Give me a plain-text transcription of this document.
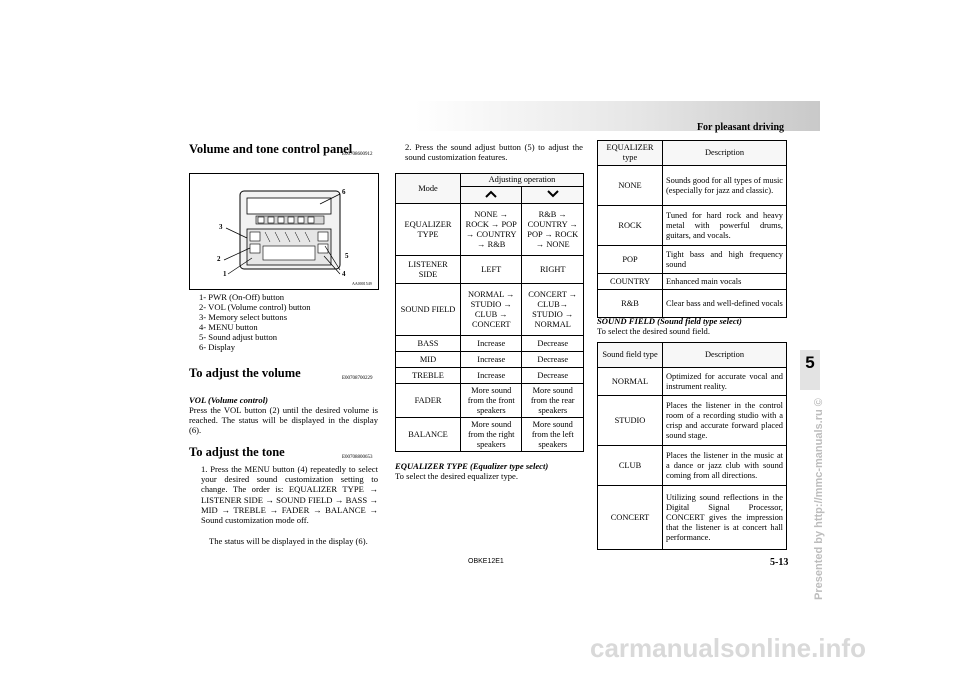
For pleasant driving
Volume and tone control panel
E00708600912
3
2
1	4
5
6
AA0001549
1- PWR (On-Off) button
2- VOL (Volume control) button
3- Memory select buttons
4- MENU button
5- Sound adjust button
6- Display
To adjust the volume	E00708700229
VOL (Volume control)
Press the VOL button (2) until the desired volume is reached. The status will be displayed in the display (6).
To adjust the tone	E00708800653
1. Press the MENU button (4) repeatedly to select your desired sound customization setting to change. The order is: EQUALIZER TYPE → LISTENER SIDE → SOUND FIELD → BASS → MID → TREBLE → FADER → BALANCE → Sound customization mode off.
The status will be displayed in the display (6).
2. Press the sound adjust button (5) to adjust the sound customization features.
Mode	Adjusting operation	

EQUALIZER TYPE	NONE → ROCK → POP → COUNTRY → R&B	R&B → COUNTRY → POP → ROCK → NONE
LISTENER SIDE	LEFT	RIGHT
SOUND FIELD	NORMAL → STUDIO → CLUB → CONCERT	CONCERT → CLUB→ STUDIO → NORMAL
BASS	Increase	Decrease
MID	Increase	Decrease
TREBLE	Increase	Decrease
FADER	More sound from the front speakers	More sound from the rear speakers
BALANCE	More sound from the right speakers	More sound from the left speakers
EQUALIZER TYPE (Equalizer type select)
To select the desired equalizer type.
EQUALIZER type	Description
NONE	Sounds good for all types of music (especially for jazz and classic).
ROCK	Tuned for hard rock and heavy metal with powerful drums, guitars, and vocals.
POP	Tight bass and high frequency sound
COUNTRY	Enhanced main vocals
R&B	Clear bass and well-defined vocals
SOUND FIELD (Sound field type select)
To select the desired sound field.
Sound field type	Description
NORMAL	Optimized for accurate vocal and instrument reality.
STUDIO	Places the listener in the control room of a recording studio with a crisp and accurate forward placed sound stage.
CLUB	Places the listener in the music at a dance or jazz club with sound coming from all directions.
CONCERT	Utilizing sound reflections in the Digital Signal Processor, CONCERT gives the impression that the listener is at concert hall performance.
5
Presented by http://mmc-manuals.ru ©
OBKE12E1	5-13
carmanualsonline.info
